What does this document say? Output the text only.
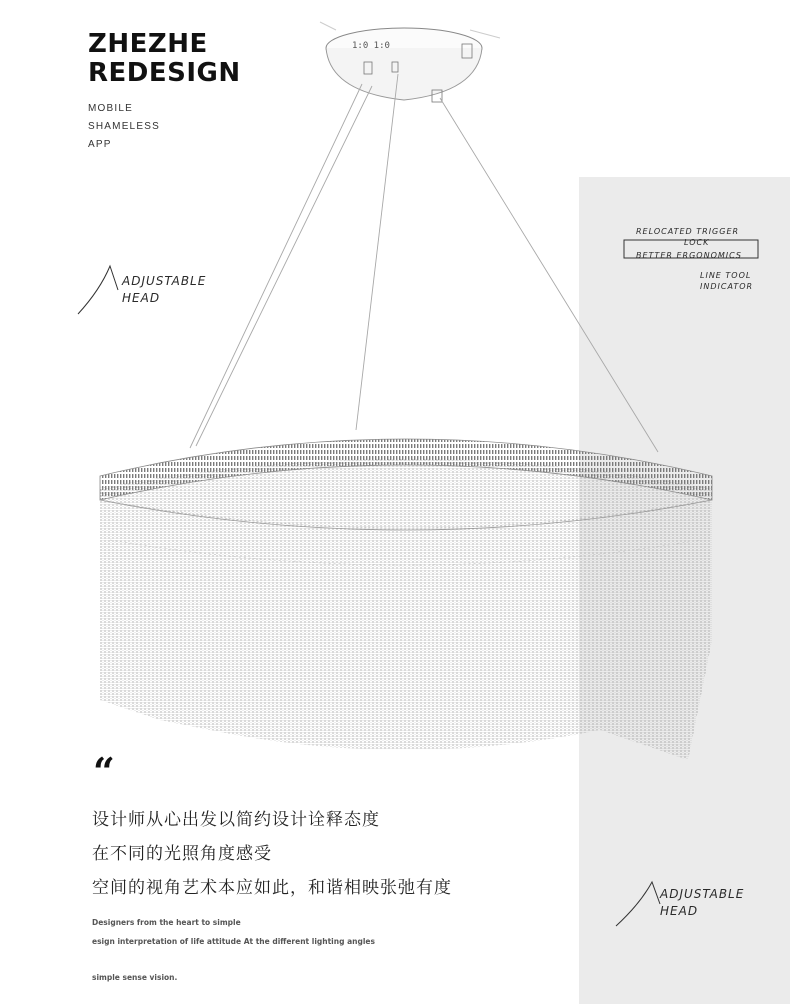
1:0 1:0
ZHEZHE
REDESIGN
MOBILE
SHAMELESS
APP
ADJUSTABLE
HEAD
RELOCATED TRIGGER
LOCK
BETTER ERGONOMICS
LINE TOOL
INDICATOR
ADJUSTABLE
HEAD
“
设计师从心出发以简约设计诠释态度
在不同的光照角度感受
空间的视角艺术本应如此，和谐相映张弛有度
Designers from the heart to simple
esign interpretation of life attitude At the different lighting angles
simple sense vision.
